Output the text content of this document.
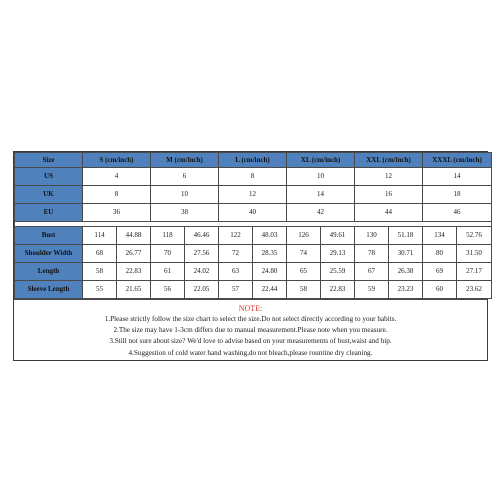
Size	S (cm/inch)		M (cm/inch)		L (cm/inch)		XL (cm/inch)		XXL (cm/inch)		XXXL (cm/inch)	
US	4		6		8		10		12		14	
UK	8		10		12		14		16		18	
EU	36		38		40		42		44		46	

Bust	114	44.88	118	46.46	122	48.03	126	49.61	130	51.18	134	52.76
Shoulder Width	68	26.77	70	27.56	72	28.35	74	29.13	78	30.71	80	31.50
Length	58	22.83	61	24.02	63	24.80	65	25.59	67	26.38	69	27.17
Sleeve Length	55	21.65	56	22.05	57	22.44	58	22.83	59	23.23	60	23.62
NOTE:
1.Please strictly follow the size chart to select the size.Do not select directly according to your habits.
2.The size may have 1-3cm differs due to manual measurement.Please note when you measure.
3.Still not sure about size? We'd love to advise based on your measurements of bust,waist and hip.
4.Suggestion of cold water hand washing,do not bleach,please rountine dry cleaning.
